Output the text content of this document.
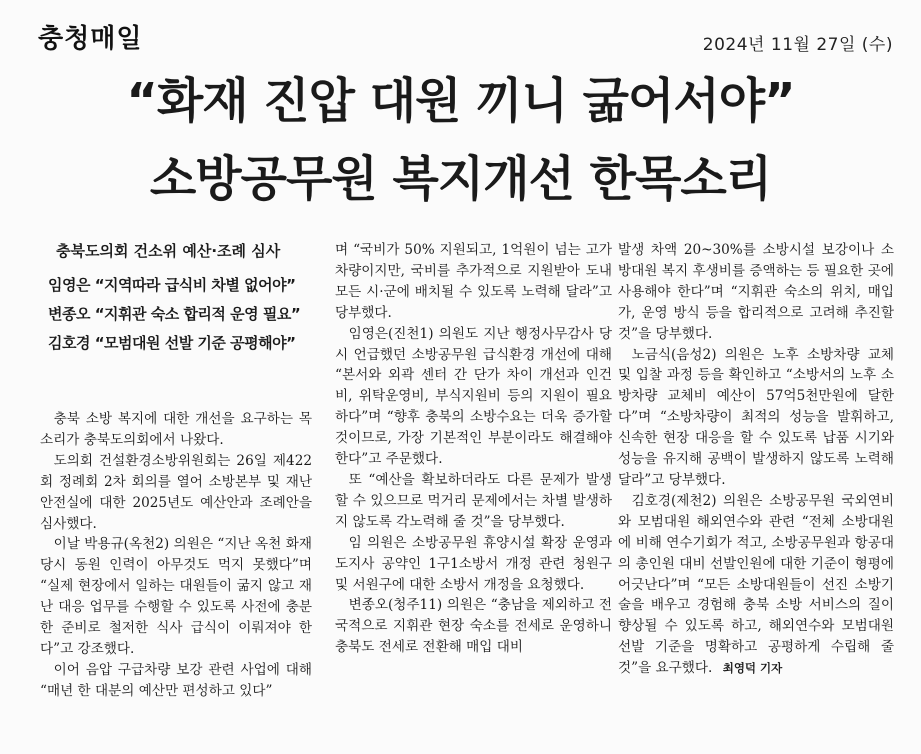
충청매일	2024년 11월 27일 (수)
“화재 진압 대원 끼니 굶어서야”
소방공무원 복지개선 한목소리
충북도의회 건소위 예산·조례 심사
임영은 “지역따라 급식비 차별 없어야”
변종오 “지휘관 숙소 합리적 운영 필요”
김호경 “모범대원 선발 기준 공평해야”

충북 소방 복지에 대한 개선을 요구하는 목소리가 충북도의회에서 나왔다.

도의회 건설환경소방위원회는 26일 제422회 정례회 2차 회의를 열어 소방본부 및 재난안전실에 대한 2025년도 예산안과 조례안을 심사했다.

이날 박용규(옥천2) 의원은 “지난 옥천 화재 당시 동원 인력이 아무것도 먹지 못했다”며 “실제 현장에서 일하는 대원들이 굶지 않고 재난 대응 업무를 수행할 수 있도록 사전에 충분한 준비로 철저한 식사 급식이 이뤄져야 한다”고 강조했다.

이어 음압 구급차량 보강 관련 사업에 대해 “매년 한 대분의 예산만 편성하고 있다”

며 “국비가 50% 지원되고, 1억원이 넘는 고가 차량이지만, 국비를 추가적으로 지원받아 도내 모든 시·군에 배치될 수 있도록 노력해 달라”고 당부했다.

임영은(진천1) 의원도 지난 행정사무감사 당시 언급했던 소방공무원 급식환경 개선에 대해 “본서와 외곽 센터 간 단가 차이 개선과 인건비, 위탁운영비, 부식지원비 등의 지원이 필요하다”며 “향후 충북의 소방수요는 더욱 증가할 것이므로, 가장 기본적인 부분이라도 해결해야 한다”고 주문했다.

또 “예산을 확보하더라도 다른 문제가 발생할 수 있으므로 먹거리 문제에서는 차별 발생하지 않도록 각노력해 줄 것”을 당부했다.

임 의원은 소방공무원 휴양시설 확장 운영과 도지사 공약인 1구1소방서 개정 관련 청원구 및 서원구에 대한 소방서 개정을 요청했다.

변종오(청주11) 의원은 “충남을 제외하고 전국적으로 지휘관 현장 숙소를 전세로 운영하니 충북도 전세로 전환해 매입 대비

발생 차액 20~30%를 소방시설 보강이나 소방대원 복지 후생비를 증액하는 등 필요한 곳에 사용해야 한다”며 “지휘관 숙소의 위치, 매입가, 운영 방식 등을 합리적으로 고려해 추진할 것”을 당부했다.

노금식(음성2) 의원은 노후 소방차량 교체 및 입찰 과정 등을 확인하고 “소방서의 노후 소방차량 교체비 예산이 57억5천만원에 달한다”며 “소방차량이 최적의 성능을 발휘하고, 신속한 현장 대응을 할 수 있도록 납품 시기와 성능을 유지해 공백이 발생하지 않도록 노력해달라”고 당부했다.

김호경(제천2) 의원은 소방공무원 국외연비와 모범대원 해외연수와 관련 “전체 소방대원에 비해 연수기회가 적고, 소방공무원과 항공대의 총인원 대비 선발인원에 대한 기준이 형평에 어긋난다”며 “모든 소방대원들이 선진 소방기술을 배우고 경험해 충북 소방 서비스의 질이 향상될 수 있도록 하고, 해외연수와 모범대원 선발 기준을 명확하고 공평하게 수립해 줄 것”을 요구했다. 최영덕 기자
